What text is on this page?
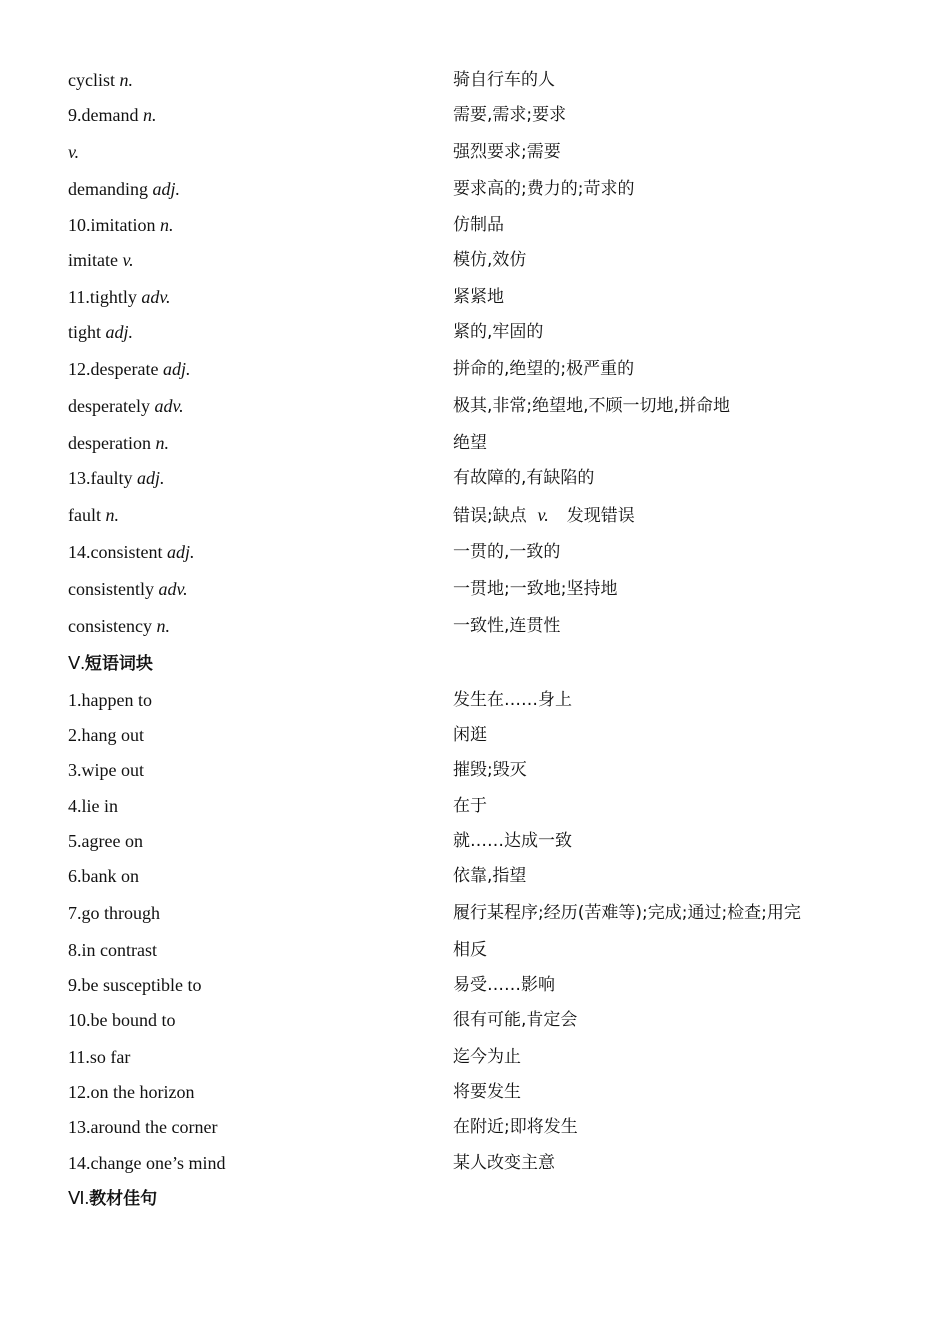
cyclist n.	骑自行车的人
9.demand n.	需要,需求;要求
v.	强烈要求;需要
demanding adj.	要求高的;费力的;苛求的
10.imitation n.	仿制品
imitate v.	模仿,效仿
11.tightly adv.	紧紧地
tight adj.	紧的,牢固的
12.desperate adj.	拼命的,绝望的;极严重的
desperately adv.	极其,非常;绝望地,不顾一切地,拼命地
desperation n.	绝望
13.faulty adj.	有故障的,有缺陷的
fault n.	错误;缺点 v. 发现错误
14.consistent adj.	一贯的,一致的
consistently adv.	一贯地;一致地;坚持地
consistency n.	一致性,连贯性
Ⅴ.短语词块
1.happen to	发生在……身上
2.hang out	闲逛
3.wipe out	摧毁;毁灭
4.lie in	在于
5.agree on	就……达成一致
6.bank on	依靠,指望
7.go through	履行某程序;经历(苦难等);完成;通过;检查;用完
8.in contrast	相反
9.be susceptible to	易受……影响
10.be bound to	很有可能,肯定会
11.so far	迄今为止
12.on the horizon	将要发生
13.around the corner	在附近;即将发生
14.change one’s mind	某人改变主意
Ⅵ.教材佳句
